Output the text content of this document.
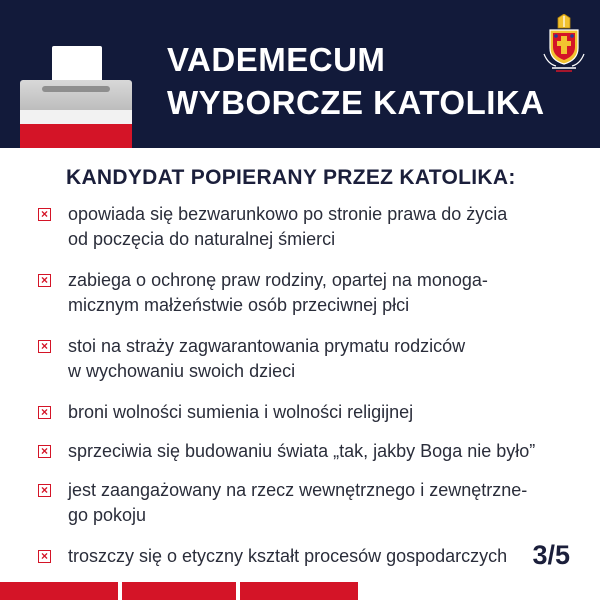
VADEMECUM
WYBORCZE KATOLIKA
KANDYDAT POPIERANY PRZEZ KATOLIKA:
× opowiada się bezwarunkowo po stronie prawa do życia
od poczęcia do naturalnej śmierci
× zabiega o ochronę praw rodziny, opartej na monoga-
micznym małżeństwie osób przeciwnej płci
× stoi na straży zagwarantowania prymatu rodziców
w wychowaniu swoich dzieci
× broni wolności sumienia i wolności religijnej
× sprzeciwia się budowaniu świata „tak, jakby Boga nie było”
× jest zaangażowany na rzecz wewnętrznego i zewnętrzne-
go pokoju
× troszczy się o etyczny kształt procesów gospodarczych 3/5
